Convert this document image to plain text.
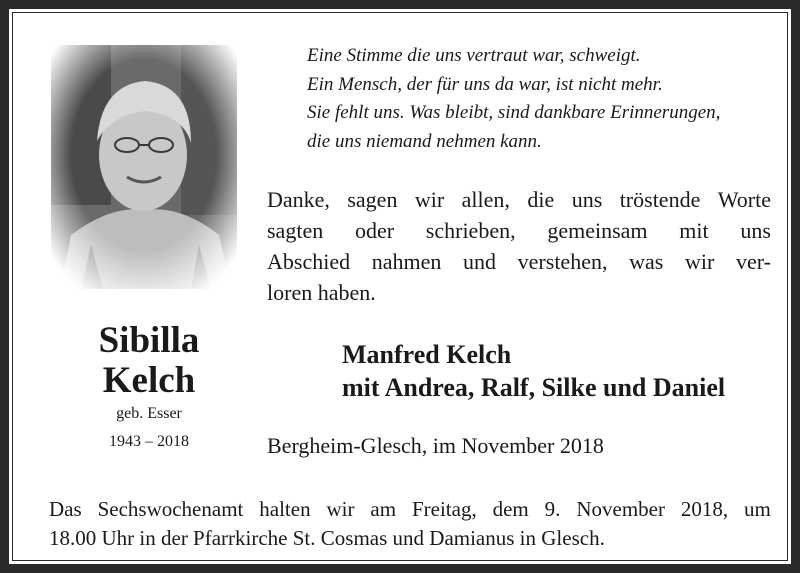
Sibilla
Kelch
geb. Esser
1943 – 2018
Eine Stimme die uns vertraut war, schweigt.
Ein Mensch, der für uns da war, ist nicht mehr.
Sie fehlt uns. Was bleibt, sind dankbare Erinnerungen,
die uns niemand nehmen kann.
Danke, sagen wir allen, die uns tröstende Worte
sagten oder schrieben, gemeinsam mit uns
Abschied nahmen und verstehen, was wir ver-
loren haben.
Manfred Kelch
mit Andrea, Ralf, Silke und Daniel
Bergheim-Glesch, im November 2018
Das Sechswochenamt halten wir am Freitag, dem 9. November 2018, um
18.00 Uhr in der Pfarrkirche St. Cosmas und Damianus in Glesch.
